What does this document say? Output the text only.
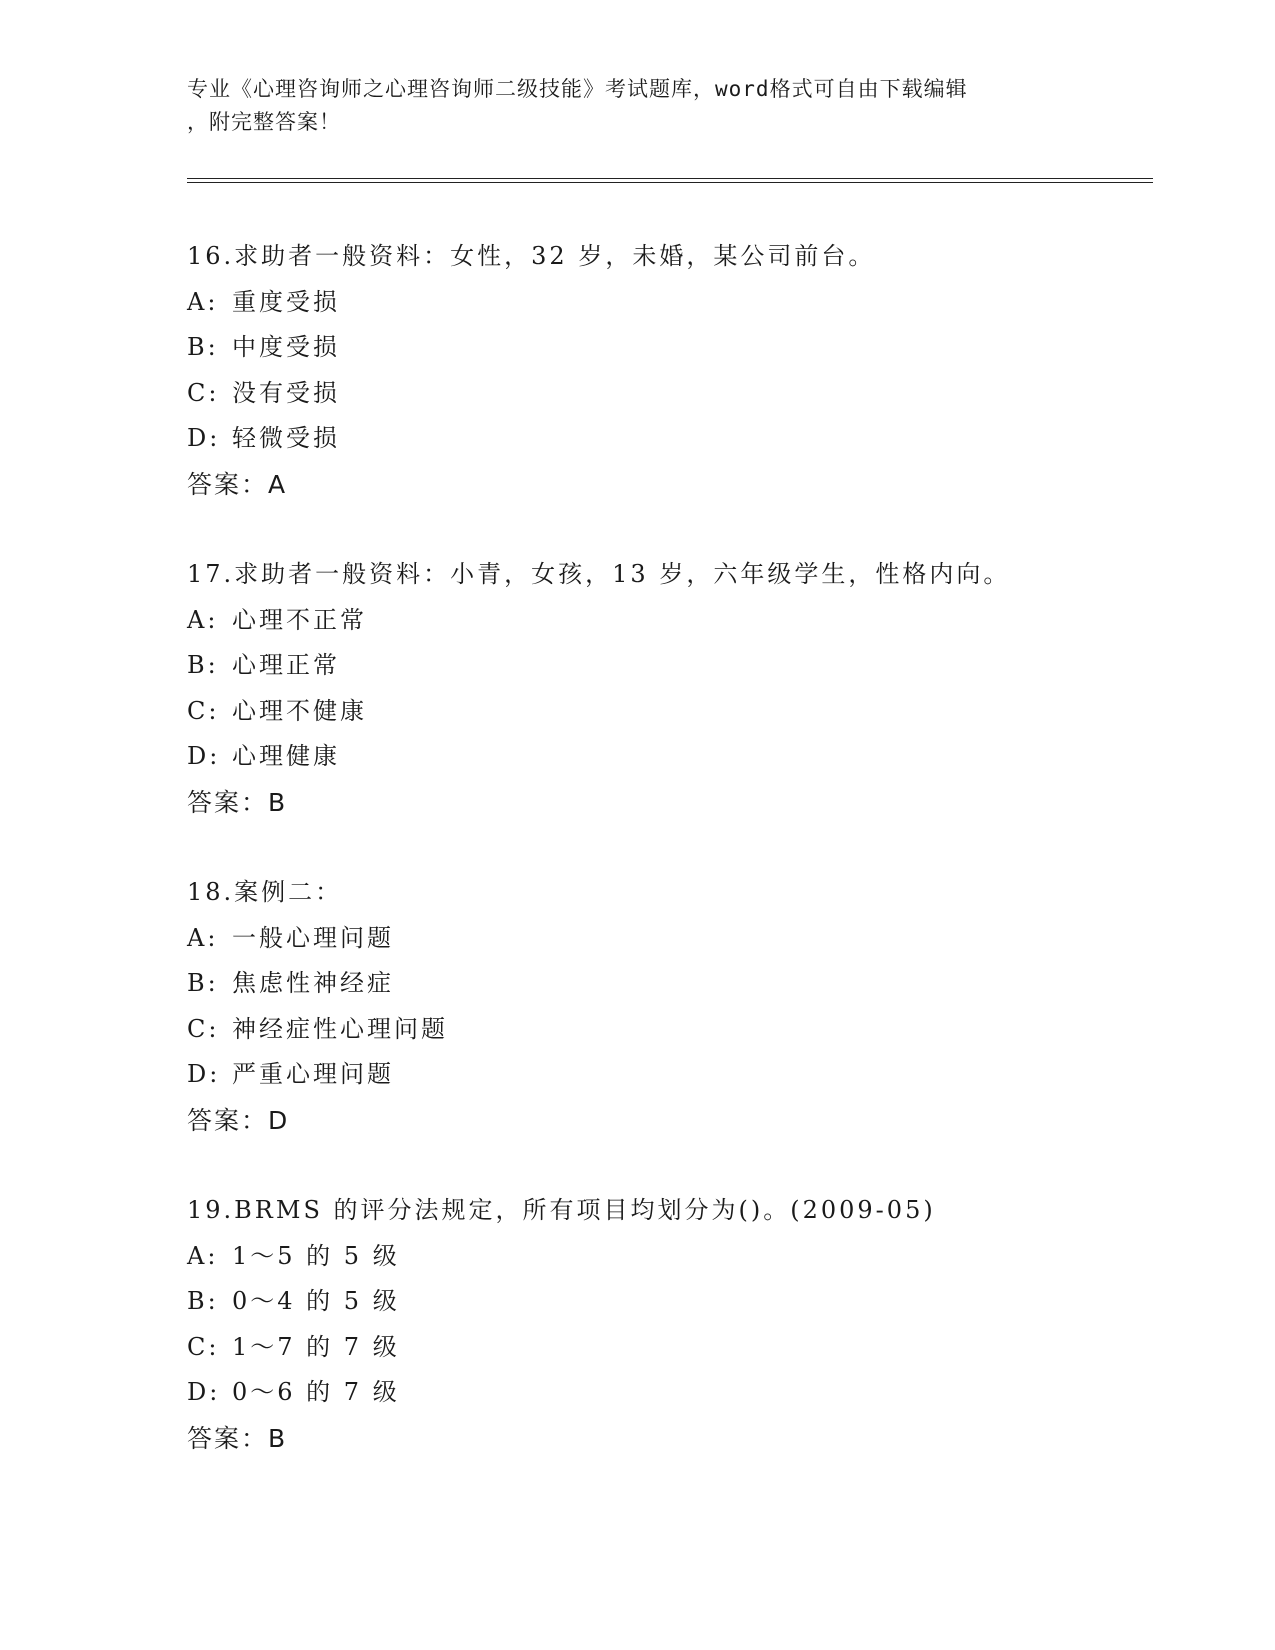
专业《心理咨询师之心理咨询师二级技能》考试题库，word格式可自由下载编辑
，附完整答案！
16.求助者一般资料：女性，32 岁，未婚，某公司前台。
A: 重度受损
B: 中度受损
C: 没有受损
D: 轻微受损
答案：A
17.求助者一般资料：小青，女孩，13 岁，六年级学生，性格内向。
A: 心理不正常
B: 心理正常
C: 心理不健康
D: 心理健康
答案：B
18.案例二：
A: 一般心理问题
B: 焦虑性神经症
C: 神经症性心理问题
D: 严重心理问题
答案：D
19.BRMS 的评分法规定，所有项目均划分为()。(2009-05)
A: 1～5 的 5 级
B: 0～4 的 5 级
C: 1～7 的 7 级
D: 0～6 的 7 级
答案：B
